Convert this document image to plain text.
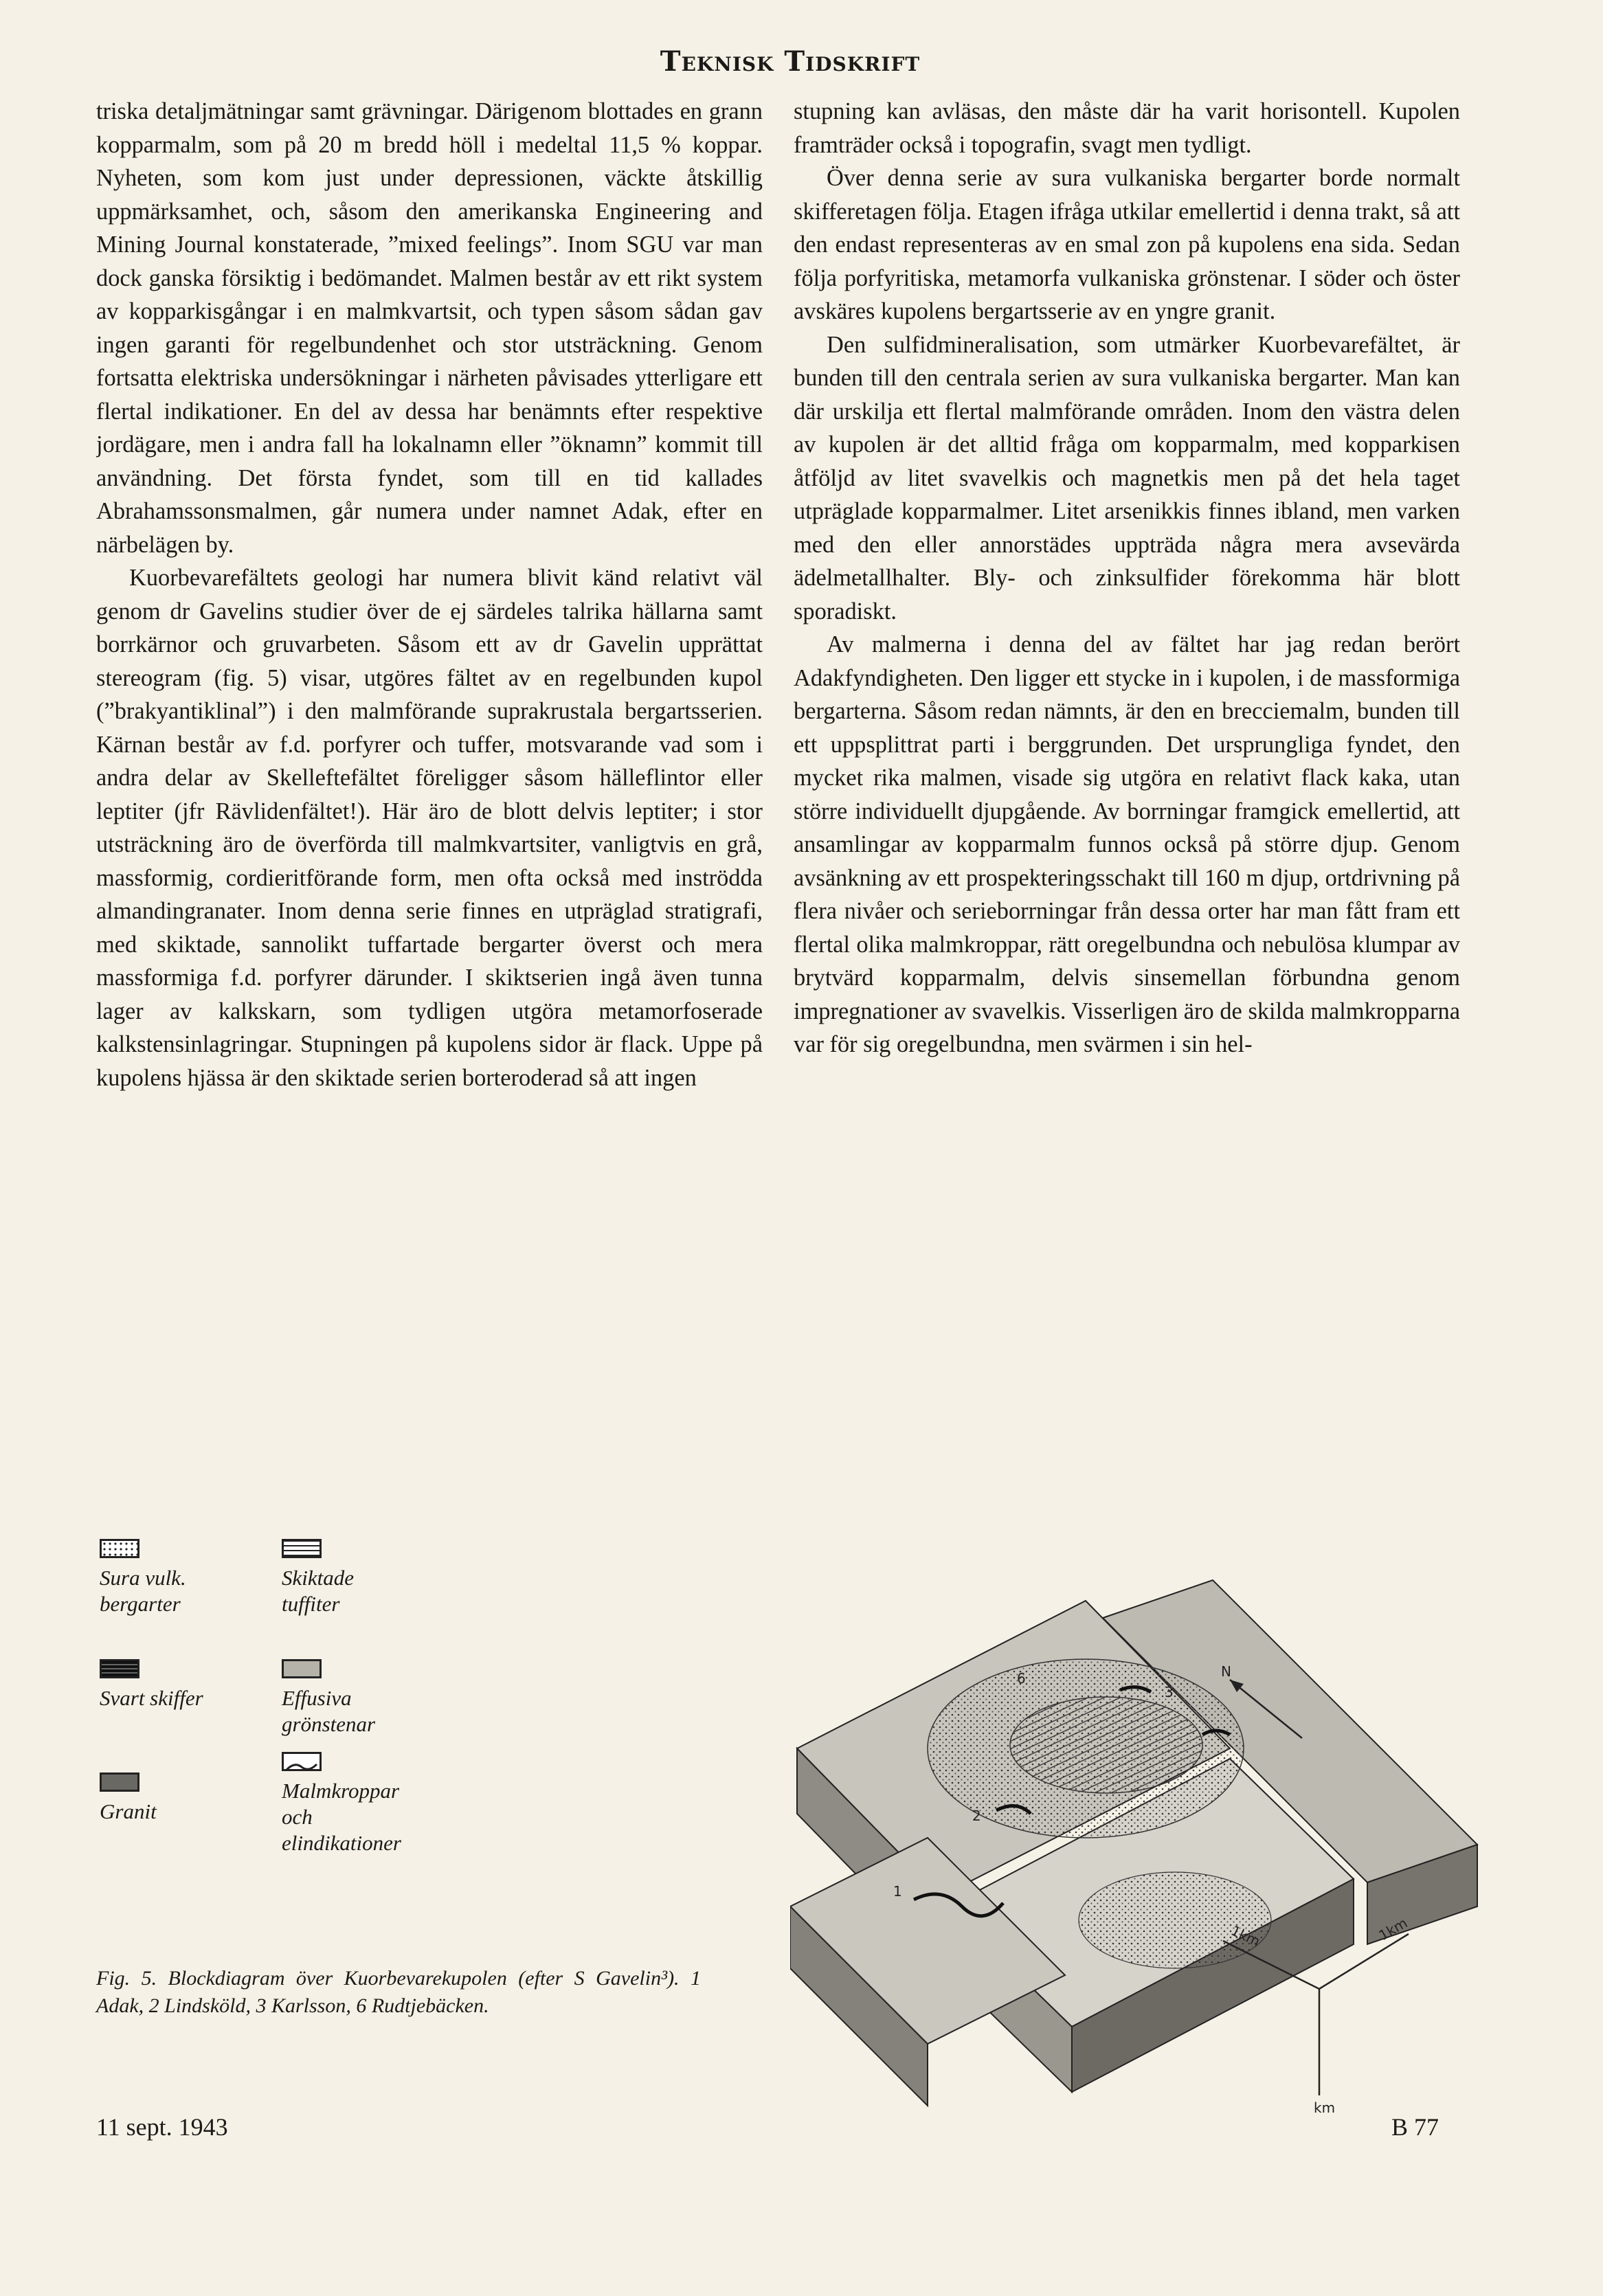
Teknisk Tidskrift

triska detaljmätningar samt grävningar. Därigenom blottades en grann kopparmalm, som på 20 m bredd höll i medeltal 11,5 % koppar. Nyheten, som kom just under depressionen, väckte åtskillig uppmärksamhet, och, såsom den amerikanska Engineering and Mining Journal konstaterade, ”mixed feelings”. Inom SGU var man dock ganska försiktig i bedömandet. Malmen består av ett rikt system av kopparkisgångar i en malmkvartsit, och typen såsom sådan gav ingen garanti för regelbundenhet och stor utsträckning. Genom fortsatta elektriska undersökningar i närheten påvisades ytterligare ett flertal indikationer. En del av dessa har benämnts efter respektive jordägare, men i andra fall ha lokalnamn eller ”öknamn” kommit till användning. Det första fyndet, som till en tid kallades Abrahamssonsmalmen, går numera under namnet Adak, efter en närbelägen by.

Kuorbevarefältets geologi har numera blivit känd relativt väl genom dr Gavelins studier över de ej särdeles talrika hällarna samt borrkärnor och gruvarbeten. Såsom ett av dr Gavelin upprättat stereogram (fig. 5) visar, utgöres fältet av en regelbunden kupol (”brakyantiklinal”) i den malmförande suprakrustala bergartsserien. Kärnan består av f.d. porfyrer och tuffer, motsvarande vad som i andra delar av Skelleftefältet föreligger såsom hälleflintor eller leptiter (jfr Rävlidenfältet!). Här äro de blott delvis leptiter; i stor utsträckning äro de överförda till malmkvartsiter, vanligtvis en grå, massformig, cordieritförande form, men ofta också med inströdda almandingranater. Inom denna serie finnes en utpräglad stratigrafi, med skiktade, sannolikt tuffartade bergarter överst och mera massformiga f.d. porfyrer därunder. I skiktserien ingå även tunna lager av kalkskarn, som tydligen utgöra metamorfoserade kalkstensinlagringar. Stupningen på kupolens sidor är flack. Uppe på kupolens hjässa är den skiktade serien borteroderad så att ingen

stupning kan avläsas, den måste där ha varit horisontell. Kupolen framträder också i topografin, svagt men tydligt.

Över denna serie av sura vulkaniska bergarter borde normalt skifferetagen följa. Etagen ifråga utkilar emellertid i denna trakt, så att den endast representeras av en smal zon på kupolens ena sida. Sedan följa porfyritiska, metamorfa vulkaniska grönstenar. I söder och öster avskäres kupolens bergartsserie av en yngre granit.

Den sulfidmineralisation, som utmärker Kuorbevarefältet, är bunden till den centrala serien av sura vulkaniska bergarter. Man kan där urskilja ett flertal malmförande områden. Inom den västra delen av kupolen är det alltid fråga om kopparmalm, med kopparkisen åtföljd av litet svavelkis och magnetkis men på det hela taget utpräglade kopparmalmer. Litet arsenikkis finnes ibland, men varken med den eller annorstädes uppträda några mera avsevärda ädelmetallhalter. Bly- och zinksulfider förekomma här blott sporadiskt.

Av malmerna i denna del av fältet har jag redan berört Adakfyndigheten. Den ligger ett stycke in i kupolen, i de massformiga bergarterna. Såsom redan nämnts, är den en brecciemalm, bunden till ett uppsplittrat parti i berggrunden. Det ursprungliga fyndet, den mycket rika malmen, visade sig utgöra en relativt flack kaka, utan större individuellt djupgående. Av borrningar framgick emellertid, att ansamlingar av kopparmalm funnos också på större djup. Genom avsänkning av ett prospekteringsschakt till 160 m djup, ortdrivning på flera nivåer och serieborrningar från dessa orter har man fått fram ett flertal olika malmkroppar, rätt oregelbundna och nebulösa klumpar av brytvärd kopparmalm, delvis sinsemellan förbundna genom impregnationer av svavelkis. Visserligen äro de skilda malmkropparna var för sig oregelbundna, men svärmen i sin hel-

Sura vulk.
bergarter
Skiktade
tuffiter
Svart skiffer	Effusiva
grönstenar
Granit
Malmkroppar
och
elindikationer
6
1
2
3
N
1km	1km
km
Fig. 5. Blockdiagram över Kuorbevarekupolen (efter S Gavelin³). 1 Adak, 2 Lindsköld, 3 Karlsson, 6 Rudtjebäcken.
11 sept. 1943	B 77
